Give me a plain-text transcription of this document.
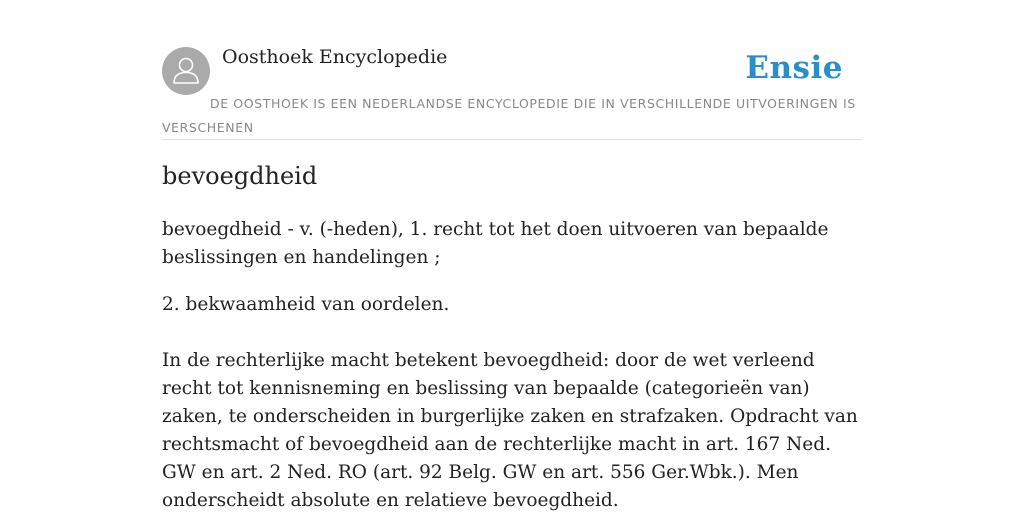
Oosthoek Encyclopedie	Ensie
DE OOSTHOEK IS EEN NEDERLANDSE ENCYCLOPEDIE DIE IN VERSCHILLENDE UITVOERINGEN IS VERSCHENEN
bevoegdheid

bevoegdheid - v. (-heden), 1. recht tot het doen uitvoeren van bepaalde beslissingen en handelingen ;

2. bekwaamheid van oordelen.

In de rechterlijke macht betekent bevoegdheid: door de wet verleend recht tot kennisneming en beslissing van bepaalde (categorieën van) zaken, te onderscheiden in burgerlijke zaken en strafzaken. Opdracht van rechtsmacht of bevoegdheid aan de rechterlijke macht in art. 167 Ned. GW en art. 2 Ned. RO (art. 92 Belg. GW en art. 556 Ger.Wbk.). Men onderscheidt absolute en relatieve bevoegdheid.
